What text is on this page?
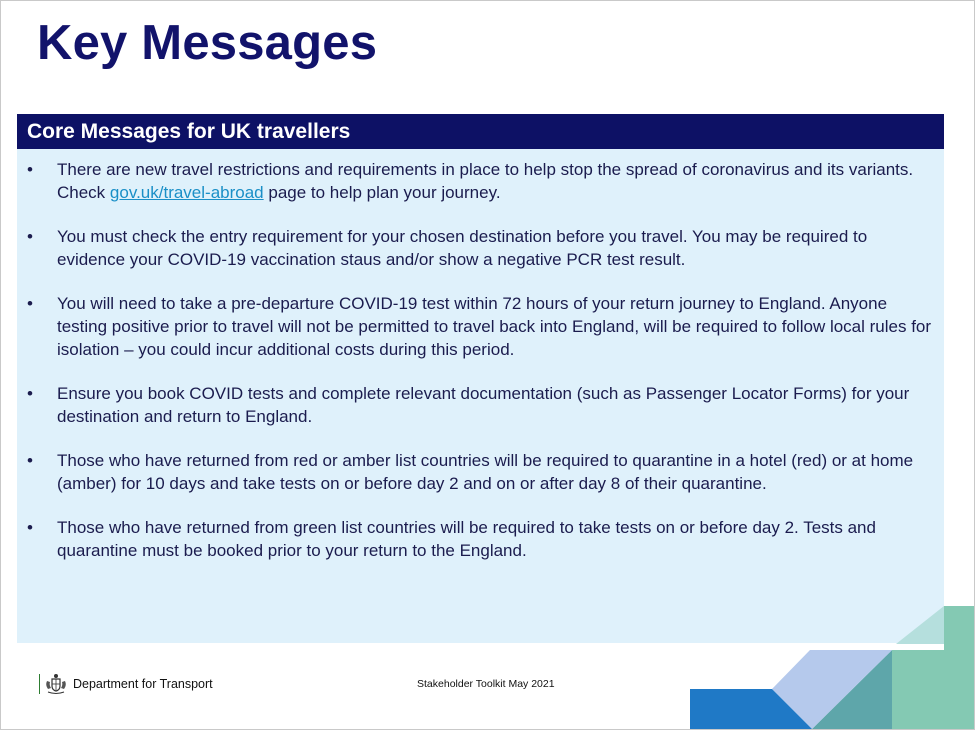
Key Messages
Core Messages for UK travellers
• There are new travel restrictions and requirements in place to help stop the spread of coronavirus and its variants. Check gov.uk/travel-abroad page to help plan your journey.
• You must check the entry requirement for your chosen destination before you travel. You may be required to evidence your COVID-19 vaccination staus and/or show a negative PCR test result.
• You will need to take a pre-departure COVID-19 test within 72 hours of your return journey to England. Anyone testing positive prior to travel will not be permitted to travel back into England, will be required to follow local rules for isolation – you could incur additional costs during this period.
• Ensure you book COVID tests and complete relevant documentation (such as Passenger Locator Forms) for your destination and return to England.
• Those who have returned from red or amber list countries will be required to quarantine in a hotel (red) or at home (amber) for 10 days and take tests on or before day 2 and on or after day 8 of their quarantine.
• Those who have returned from green list countries will be required to take tests on or before day 2. Tests and quarantine must be booked prior to your return to the England.
Department for Transport	Stakeholder Toolkit May 2021
